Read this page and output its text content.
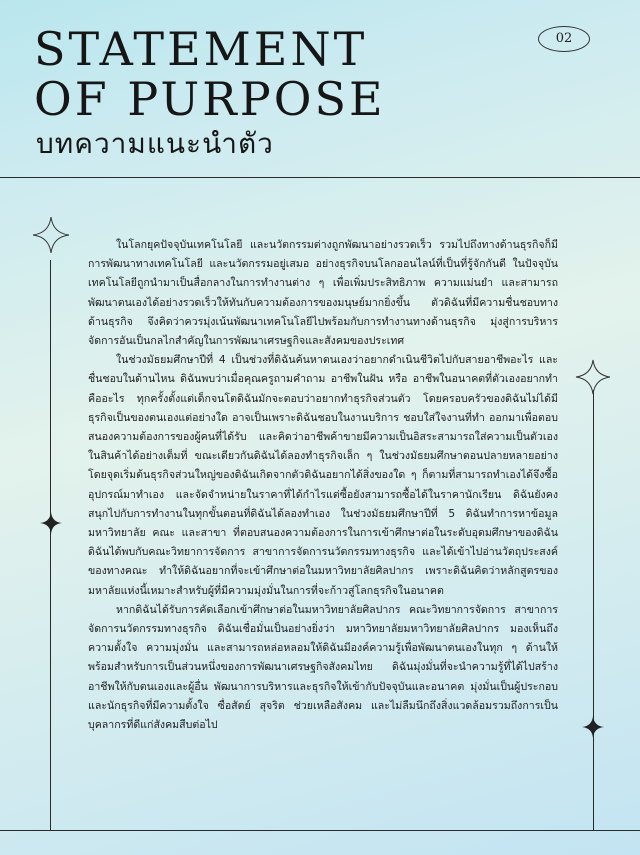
STATEMENT
OF PURPOSE

บทความแนะนำตัว

02

ในโลกยุคปัจจุบันเทคโนโลยี และนวัตกรรมต่างถูกพัฒนาอย่างรวดเร็ว รวมไปถึงทางด้านธุรกิจก็มีการพัฒนาทางเทคโนโลยี และนวัตกรรมอยู่เสมอ อย่างธุรกิจบนโลกออนไลน์ที่เป็นที่รู้จักกันดี ในปัจจุบันเทคโนโลยีถูกนำมาเป็นสื่อกลางในการทำงานต่าง ๆ เพื่อเพิ่มประสิทธิภาพ ความแม่นยำ และสามารถพัฒนาตนเองได้อย่างรวดเร็วให้ทันกับความต้องการของมนุษย์มากยิ่งขึ้น ตัวดิฉันที่มีความชื่นชอบทางด้านธุรกิจ จึงคิดว่าควรมุ่งเน้นพัฒนาเทคโนโลยีไปพร้อมกับการทำงานทางด้านธุรกิจ มุ่งสู่การบริหารจัดการอันเป็นกลไกสำคัญในการพัฒนาเศรษฐกิจและสังคมของประเทศ

ในช่วงมัธยมศึกษาปีที่ 4 เป็นช่วงที่ดิฉันค้นหาตนเองว่าอยากดำเนินชีวิตไปกับสายอาชีพอะไร และชื่นชอบในด้านไหน ดิฉันพบว่าเมื่อคุณครูถามคำถาม อาชีพในฝัน หรือ อาชีพในอนาคตที่ตัวเองอยากทำคืออะไร ทุกครั้งตั้งแต่เด็กจนโตดิฉันมักจะตอบว่าอยากทำธุรกิจส่วนตัว โดยครอบครัวของดิฉันไม่ได้มีธุรกิจเป็นของตนเองแต่อย่างใด อาจเป็นเพราะดิฉันชอบในงานบริการ ชอบใส่ใจงานที่ทำ ออกมาเพื่อตอบสนองความต้องการของผู้คนที่ได้รับ และคิดว่าอาชีพค้าขายมีความเป็นอิสระสามารถใส่ความเป็นตัวเองในสินค้าได้อย่างเต็มที่ ขณะเดียวกันดิฉันได้ลองทำธุรกิจเล็ก ๆ ในช่วงมัธยมศึกษาตอนปลายหลายอย่าง โดยจุดเริ่มต้นธุรกิจส่วนใหญ่ของดิฉันเกิดจากตัวดิฉันอยากได้สิ่งของใด ๆ ก็ตามที่สามารถทำเองได้จึงซื้ออุปกรณ์มาทำเอง และจัดจำหน่ายในราคาที่ได้กำไรแต่ซื้อยังสามารถซื้อได้ในราคานักเรียน ดิฉันยังคงสนุกไปกับการทำงานในทุกขั้นตอนที่ดิฉันได้ลองทำเอง ในช่วงมัธยมศึกษาปีที่ 5 ดิฉันทำการหาข้อมูลมหาวิทยาลัย คณะ และสาขา ที่ตอบสนองความต้องการในการเข้าศึกษาต่อในระดับอุดมศึกษาของดิฉัน ดิฉันได้พบกับคณะวิทยาการจัดการ สาขาการจัดการนวัตกรรมทางธุรกิจ และได้เข้าไปอ่านวัตถุประสงค์ของทางคณะ ทำให้ดิฉันอยากที่จะเข้าศึกษาต่อในมหาวิทยาลัยศิลปากร เพราะดิฉันคิดว่าหลักสูตรของมหาลัยแห่งนี้เหมาะสำหรับผู้ที่มีความมุ่งมั่นในการที่จะก้าวสู่โลกธุรกิจในอนาคต

หากดิฉันได้รับการคัดเลือกเข้าศึกษาต่อในมหาวิทยาลัยศิลปากร คณะวิทยาการจัดการ สาขาการจัดการนวัตกรรมทางธุรกิจ ดิฉันเชื่อมั่นเป็นอย่างยิ่งว่า มหาวิทยาลัยมหาวิทยาลัยศิลปากร มองเห็นถึงความตั้งใจ ความมุ่งมั่น และสามารถหล่อหลอมให้ดิฉันมีองค์ความรู้เพื่อพัฒนาตนเองในทุก ๆ ด้านให้พร้อมสำหรับการเป็นส่วนหนึ่งของการพัฒนาเศรษฐกิจสังคมไทย ดิฉันมุ่งมั่นที่จะนำความรู้ที่ได้ไปสร้างอาชีพให้กับตนเองและผู้อื่น พัฒนาการบริหารและธุรกิจให้เข้ากับปัจจุบันและอนาคต มุ่งมั่นเป็นผู้ประกอบและนักธุรกิจที่มีความตั้งใจ ซื่อสัตย์ สุจริต ช่วยเหลือสังคม และไม่ลืมนึกถึงสิ่งแวดล้อมรวมถึงการเป็นบุคลากรที่ดีแก่สังคมสืบต่อไป
